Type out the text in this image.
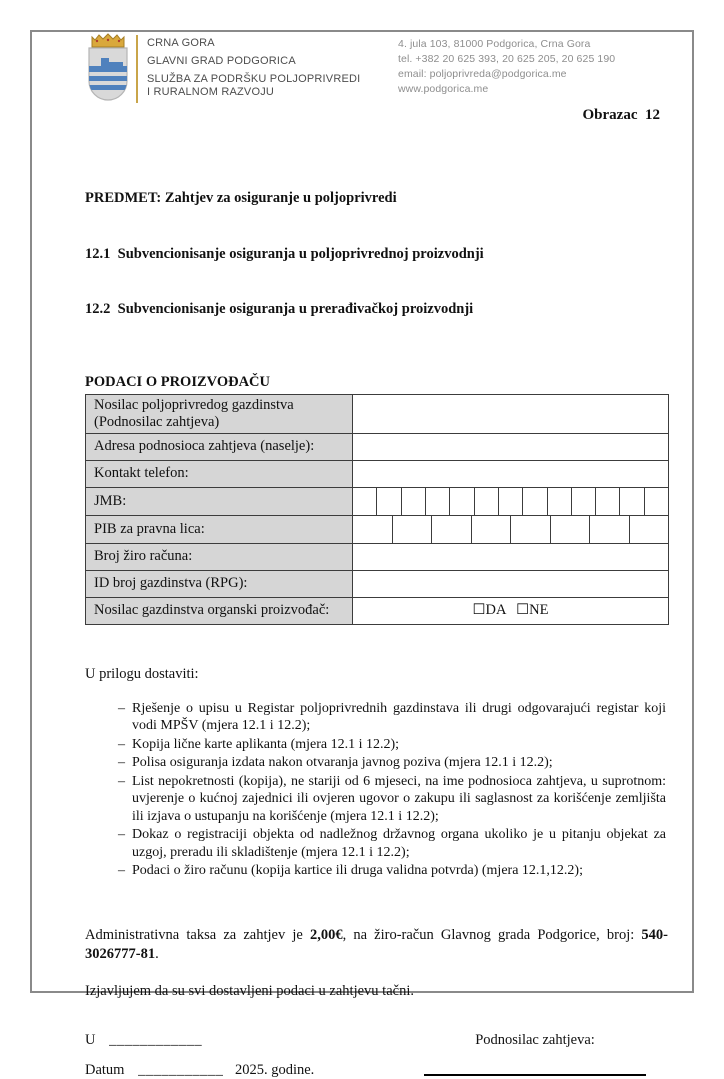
CRNA GORA
GLAVNI GRAD PODGORICA
SLUŽBA ZA PODRŠKU POLJOPRIVREDI
I RURALNOM RAZVOJU
4. jula 103, 81000 Podgorica, Crna Gora
tel. +382 20 625 393, 20 625 205, 20 625 190
email: poljoprivreda@podgorica.me
www.podgorica.me
Obrazac  12

PREDMET: Zahtjev za osiguranje u poljoprivredi

12.1  Subvencionisanje osiguranja u poljoprivrednoj proizvodnji

12.2  Subvencionisanje osiguranja u prerađivačkoj proizvodnji

PODACI O PROIZVOĐAČU
Nosilac poljoprivredog gazdinstva (Podnosilac zahtjeva)	
Adresa podnosioca zahtjeva (naselje):	
Kontakt telefon:	
JMB:	

PIB za pravna lica:	

Broj žiro računa:	
ID broj gazdinstva (RPG):	
Nosilac gazdinstva organski proizvođač:	☐DA ☐NE
U prilogu dostaviti:
– Rješenje o upisu u Registar poljoprivrednih gazdinstava ili drugi odgovarajući registar koji vodi MPŠV (mjera 12.1 i 12.2);
– Kopija lične karte aplikanta (mjera 12.1 i 12.2);
– Polisa osiguranja izdata nakon otvaranja javnog poziva (mjera 12.1 i 12.2);
– List nepokretnosti (kopija), ne stariji od 6 mjeseci, na ime podnosioca zahtjeva, u suprotnom: uvjerenje o kućnoj zajednici ili ovjeren ugovor o zakupu ili saglasnost za korišćenje zemljišta ili izjava o ustupanju na korišćenje (mjera 12.1 i 12.2);
– Dokaz o registraciji objekta od nadležnog državnog organa ukoliko je u pitanju objekat za uzgoj, preradu ili skladištenje (mjera 12.1 i 12.2);
– Podaci o žiro računu (kopija kartice ili druga validna potvrda) (mjera 12.1,12.2);
Administrativna taksa za zahtjev je 2,00€, na žiro-račun Glavnog grada Podgorice, broj: 540-3026777-81.
Izjavljujem da su svi dostavljeni podaci u zahtjevu tačni.
U ____________	Podnosilac zahtjeva:
Datum ___________ 2025. godine.
